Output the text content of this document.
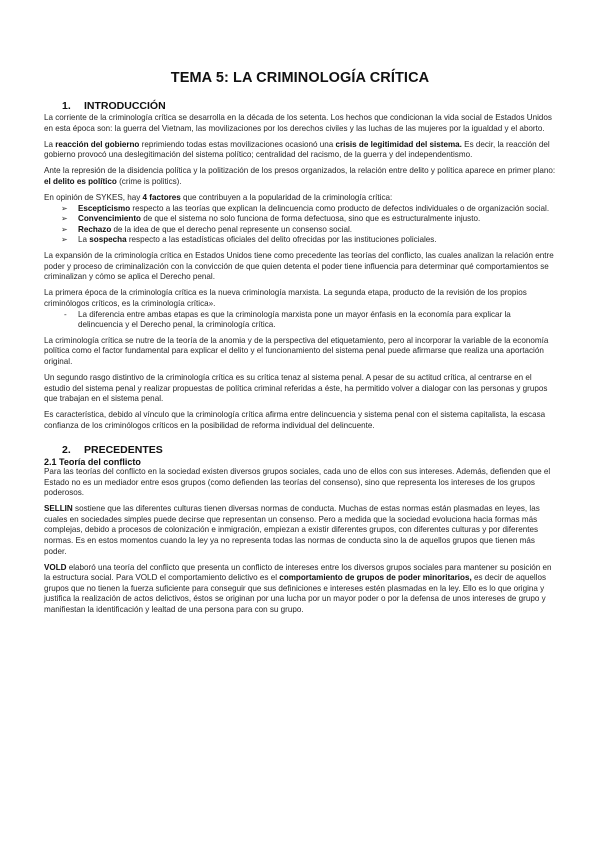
TEMA 5: LA CRIMINOLOGÍA CRÍTICA
1. INTRODUCCIÓN

La corriente de la criminología crítica se desarrolla en la década de los setenta. Los hechos que condicionan la vida social de Estados Unidos en esta época son: la guerra del Vietnam, las movilizaciones por los derechos civiles y las luchas de las mujeres por la igualdad y el aborto.

La reacción del gobierno reprimiendo todas estas movilizaciones ocasionó una crisis de legitimidad del sistema. Es decir, la reacción del gobierno provocó una deslegitimación del sistema político; centralidad del racismo, de la guerra y del independentismo.

Ante la represión de la disidencia política y la politización de los presos organizados, la relación entre delito y política aparece en primer plano: el delito es político (crime is politics).

En opinión de SYKES, hay 4 factores que contribuyen a la popularidad de la criminología crítica:

➢ Escepticismo respecto a las teorías que explican la delincuencia como producto de defectos individuales o de organización social.
➢ Convencimiento de que el sistema no solo funciona de forma defectuosa, sino que es estructuralmente injusto.
➢ Rechazo de la idea de que el derecho penal represente un consenso social.
➢ La sospecha respecto a las estadísticas oficiales del delito ofrecidas por las instituciones policiales.

La expansión de la criminología crítica en Estados Unidos tiene como precedente las teorías del conflicto, las cuales analizan la relación entre poder y proceso de criminalización con la convicción de que quien detenta el poder tiene influencia para determinar qué comportamientos se criminalizan y cómo se aplica el Derecho penal.

La primera época de la criminología crítica es la nueva criminología marxista. La segunda etapa, producto de la revisión de los propios criminólogos críticos, es la criminología crítica».

- La diferencia entre ambas etapas es que la criminología marxista pone un mayor énfasis en la economía para explicar la delincuencia y el Derecho penal, la criminología crítica.

La criminología crítica se nutre de la teoría de la anomia y de la perspectiva del etiquetamiento, pero al incorporar la variable de la economía política como el factor fundamental para explicar el delito y el funcionamiento del sistema penal puede afirmarse que realiza una aportación original.

Un segundo rasgo distintivo de la criminología crítica es su crítica tenaz al sistema penal. A pesar de su actitud crítica, al centrarse en el estudio del sistema penal y realizar propuestas de política criminal referidas a éste, ha permitido volver a dialogar con las personas y grupos que trabajan en el sistema penal.

Es característica, debido al vínculo que la criminología crítica afirma entre delincuencia y sistema penal con el sistema capitalista, la escasa confianza de los criminólogos críticos en la posibilidad de reforma individual del delincuente.

2. PRECEDENTES
2.1 Teoría del conflicto

Para las teorías del conflicto en la sociedad existen diversos grupos sociales, cada uno de ellos con sus intereses. Además, defienden que el Estado no es un mediador entre esos grupos (como defienden las teorías del consenso), sino que representa los intereses de los grupos poderosos.

SELLIN sostiene que las diferentes culturas tienen diversas normas de conducta. Muchas de estas normas están plasmadas en leyes, las cuales en sociedades simples puede decirse que representan un consenso. Pero a medida que la sociedad evoluciona hacia formas más complejas, debido a procesos de colonización e inmigración, empiezan a existir diferentes grupos, con diferentes culturas y por diferentes normas. Es en estos momentos cuando la ley ya no representa todas las normas de conducta sino la de aquellos grupos que tienen más poder.

VOLD elaboró una teoría del conflicto que presenta un conflicto de intereses entre los diversos grupos sociales para mantener su posición en la estructura social. Para VOLD el comportamiento delictivo es el comportamiento de grupos de poder minoritarios, es decir de aquellos grupos que no tienen la fuerza suficiente para conseguir que sus definiciones e intereses estén plasmadas en la ley. Ello es lo que origina y justifica la realización de actos delictivos, éstos se originan por una lucha por un mayor poder o por la defensa de unos intereses de grupo y manifiestan la identificación y lealtad de una persona para con su grupo.
